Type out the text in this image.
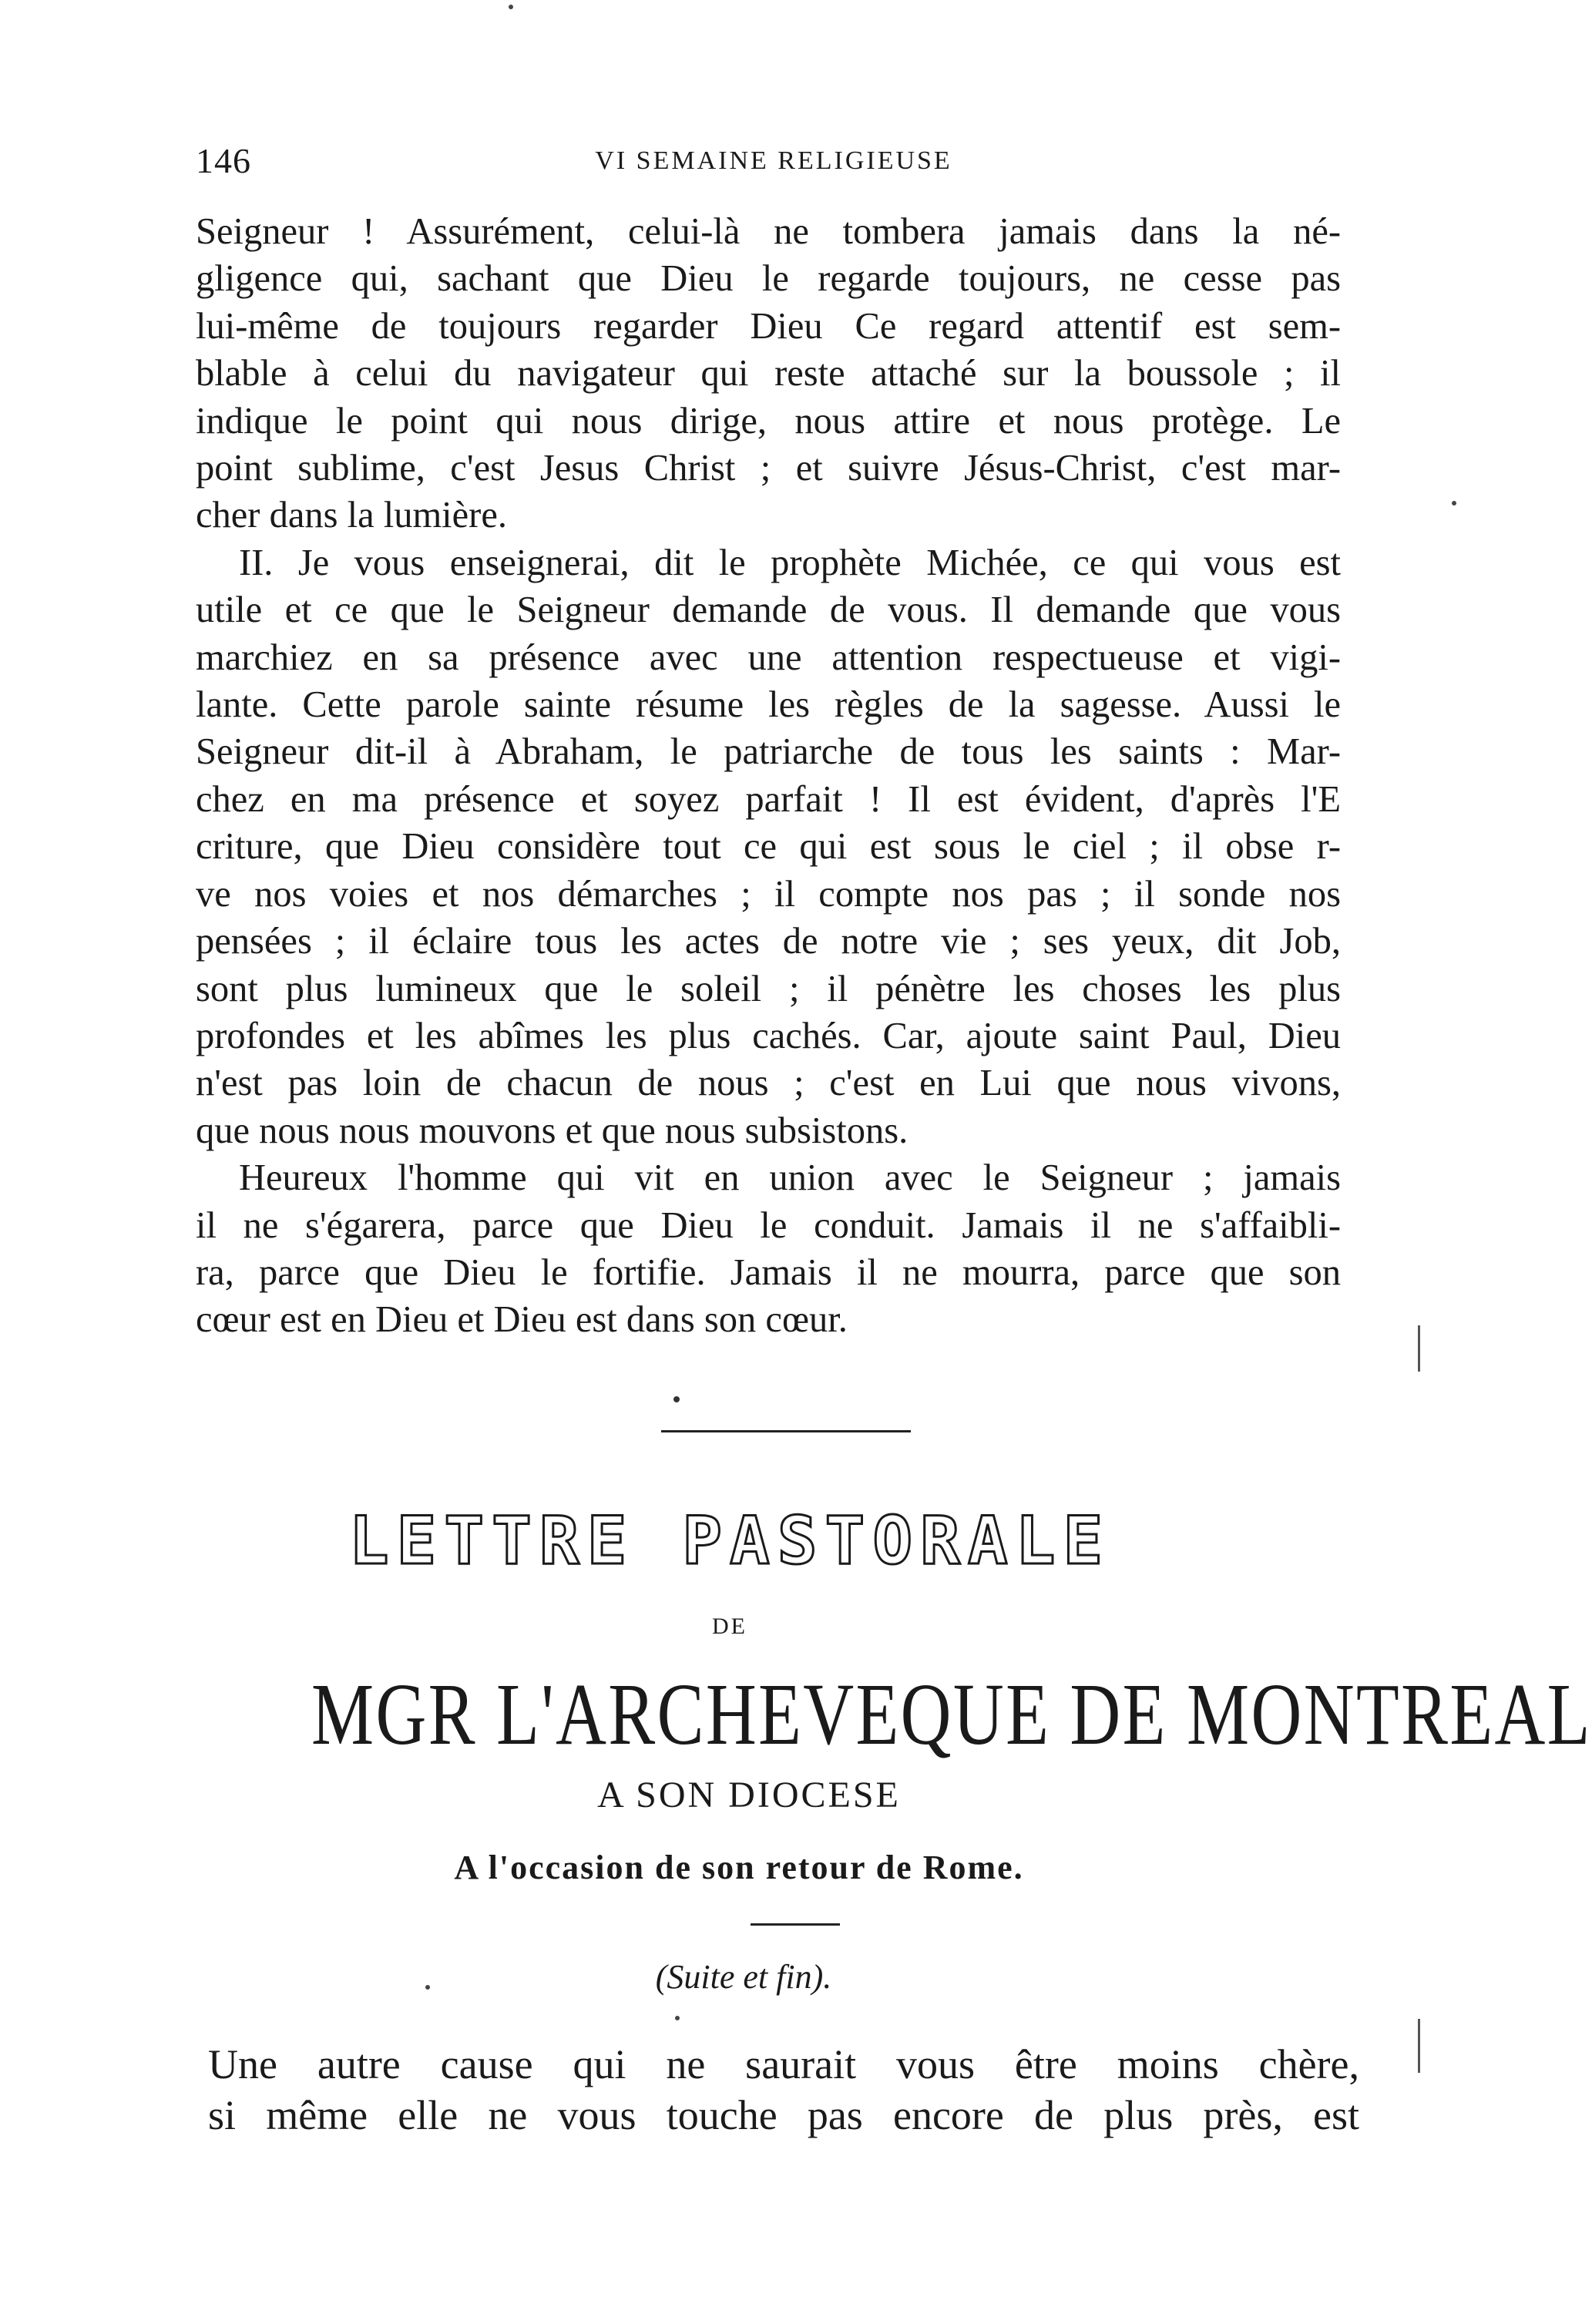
146	VI SEMAINE RELIGIEUSE
Seigneur ! Assurément, celui-là ne tombera jamais dans la né-
gligence qui, sachant que Dieu le regarde toujours, ne cesse pas
lui-même de toujours regarder Dieu Ce regard attentif est sem-
blable à celui du navigateur qui reste attaché sur la boussole ; il
indique le point qui nous dirige, nous attire et nous protège. Le
point sublime, c'est Jesus Christ ; et suivre Jésus-Christ, c'est mar-
cher dans la lumière.
II. Je vous enseignerai, dit le prophète Michée, ce qui vous est
utile et ce que le Seigneur demande de vous. Il demande que vous
marchiez en sa présence avec une attention respectueuse et vigi-
lante. Cette parole sainte résume les règles de la sagesse. Aussi le
Seigneur dit-il à Abraham, le patriarche de tous les saints : Mar-
chez en ma présence et soyez parfait ! Il est évident, d'après l'E
criture, que Dieu considère tout ce qui est sous le ciel ; il obse r-
ve nos voies et nos démarches ; il compte nos pas ; il sonde nos
pensées ; il éclaire tous les actes de notre vie ; ses yeux, dit Job,
sont plus lumineux que le soleil ; il pénètre les choses les plus
profondes et les abîmes les plus cachés. Car, ajoute saint Paul, Dieu
n'est pas loin de chacun de nous ; c'est en Lui que nous vivons,
que nous nous mouvons et que nous subsistons.
Heureux l'homme qui vit en union avec le Seigneur ; jamais
il ne s'égarera, parce que Dieu le conduit. Jamais il ne s'affaibli-
ra, parce que Dieu le fortifie. Jamais il ne mourra, parce que son
cœur est en Dieu et Dieu est dans son cœur.
LETTRE PASTORALE
DE
MGR L'ARCHEVEQUE DE MONTREAL
A SON DIOCESE
A l'occasion de son retour de Rome.
(Suite et fin).
Une autre cause qui ne saurait vous être moins chère,
si même elle ne vous touche pas encore de plus près, est
